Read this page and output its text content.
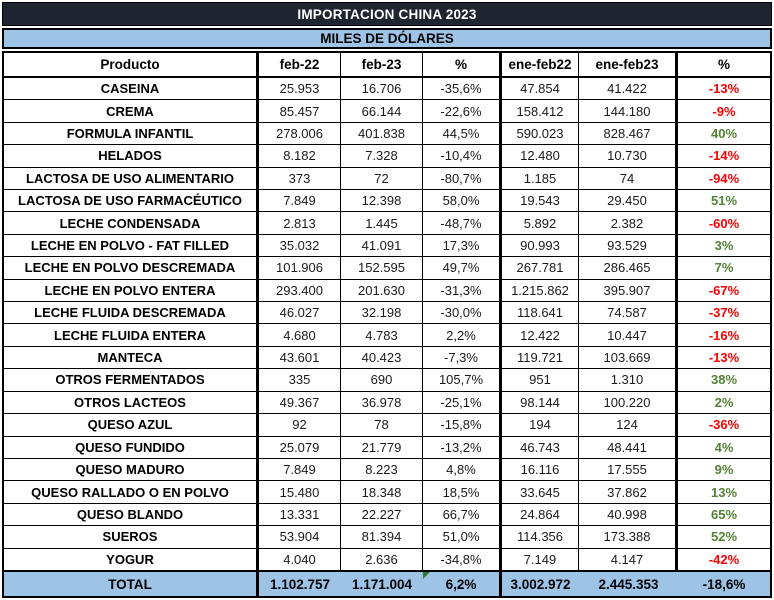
IMPORTACION CHINA 2023
MILES DE DÓLARES
Producto	feb-22	feb-23	%	ene-feb22	ene-feb23	%
CASEINA	25.953	16.706	-35,6%	47.854	41.422	-13%
CREMA	85.457	66.144	-22,6%	158.412	144.180	-9%
FORMULA INFANTIL	278.006	401.838	44,5%	590.023	828.467	40%
HELADOS	8.182	7.328	-10,4%	12.480	10.730	-14%
LACTOSA DE USO ALIMENTARIO	373	72	-80,7%	1.185	74	-94%
LACTOSA DE USO FARMACÉUTICO	7.849	12.398	58,0%	19.543	29.450	51%
LECHE CONDENSADA	2.813	1.445	-48,7%	5.892	2.382	-60%
LECHE EN POLVO - FAT FILLED	35.032	41.091	17,3%	90.993	93.529	3%
LECHE EN POLVO DESCREMADA	101.906	152.595	49,7%	267.781	286.465	7%
LECHE EN POLVO ENTERA	293.400	201.630	-31,3%	1.215.862	395.907	-67%
LECHE FLUIDA DESCREMADA	46.027	32.198	-30,0%	118.641	74.587	-37%
LECHE FLUIDA ENTERA	4.680	4.783	2,2%	12.422	10.447	-16%
MANTECA	43.601	40.423	-7,3%	119.721	103.669	-13%
OTROS FERMENTADOS	335	690	105,7%	951	1.310	38%
OTROS LACTEOS	49.367	36.978	-25,1%	98.144	100.220	2%
QUESO AZUL	92	78	-15,8%	194	124	-36%
QUESO FUNDIDO	25.079	21.779	-13,2%	46.743	48.441	4%
QUESO MADURO	7.849	8.223	4,8%	16.116	17.555	9%
QUESO RALLADO O EN POLVO	15.480	18.348	18,5%	33.645	37.862	13%
QUESO BLANDO	13.331	22.227	66,7%	24.864	40.998	65%
SUEROS	53.904	81.394	51,0%	114.356	173.388	52%
YOGUR	4.040	2.636	-34,8%	7.149	4.147	-42%
TOTAL	1.102.757	1.171.004	6,2%	3.002.972	2.445.353	-18,6%
